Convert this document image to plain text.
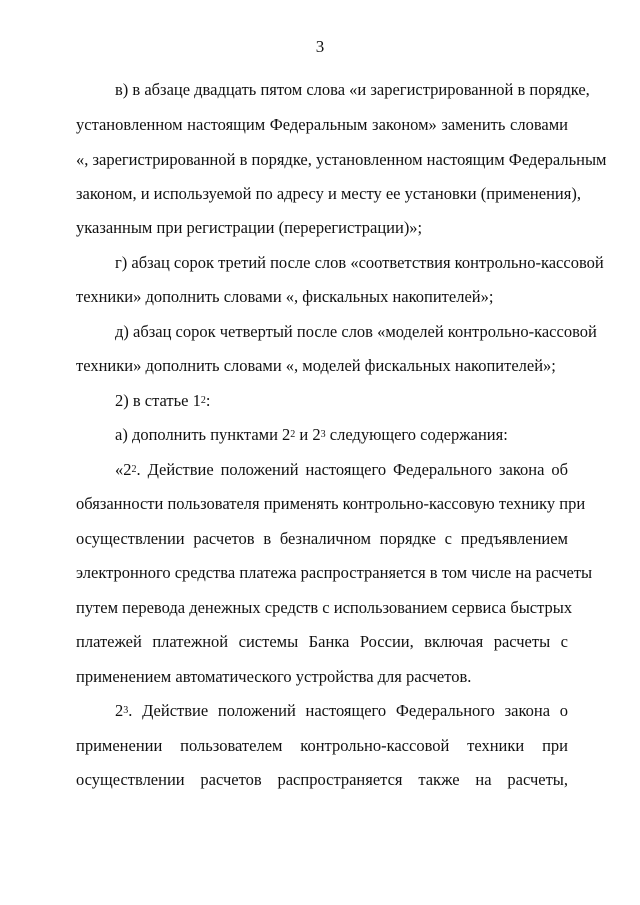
3
в) в абзаце двадцать пятом слова «и зарегистрированной в порядке,
установленном настоящим Федеральным законом» заменить словами
«, зарегистрированной в порядке, установленном настоящим Федеральным
законом, и используемой по адресу и месту ее установки (применения),
указанным при регистрации (перерегистрации)»;
г) абзац сорок третий после слов «соответствия контрольно-кассовой
техники» дополнить словами «, фискальных накопителей»;
д) абзац сорок четвертый после слов «моделей контрольно-кассовой
техники» дополнить словами «, моделей фискальных накопителей»;
2) в статье $1^2$:
а) дополнить пунктами $2^2$ и $2^3$ следующего содержания:
«$2^2$. Действие положений настоящего Федерального закона об
обязанности пользователя применять контрольно-кассовую технику при
осуществлении расчетов в безналичном порядке с предъявлением
электронного средства платежа распространяется в том числе на расчеты
путем перевода денежных средств с использованием сервиса быстрых
платежей платежной системы Банка России, включая расчеты с
применением автоматического устройства для расчетов.
$2^3$. Действие положений настоящего Федерального закона о
применении пользователем контрольно-кассовой техники при
осуществлении расчетов распространяется также на расчеты,
